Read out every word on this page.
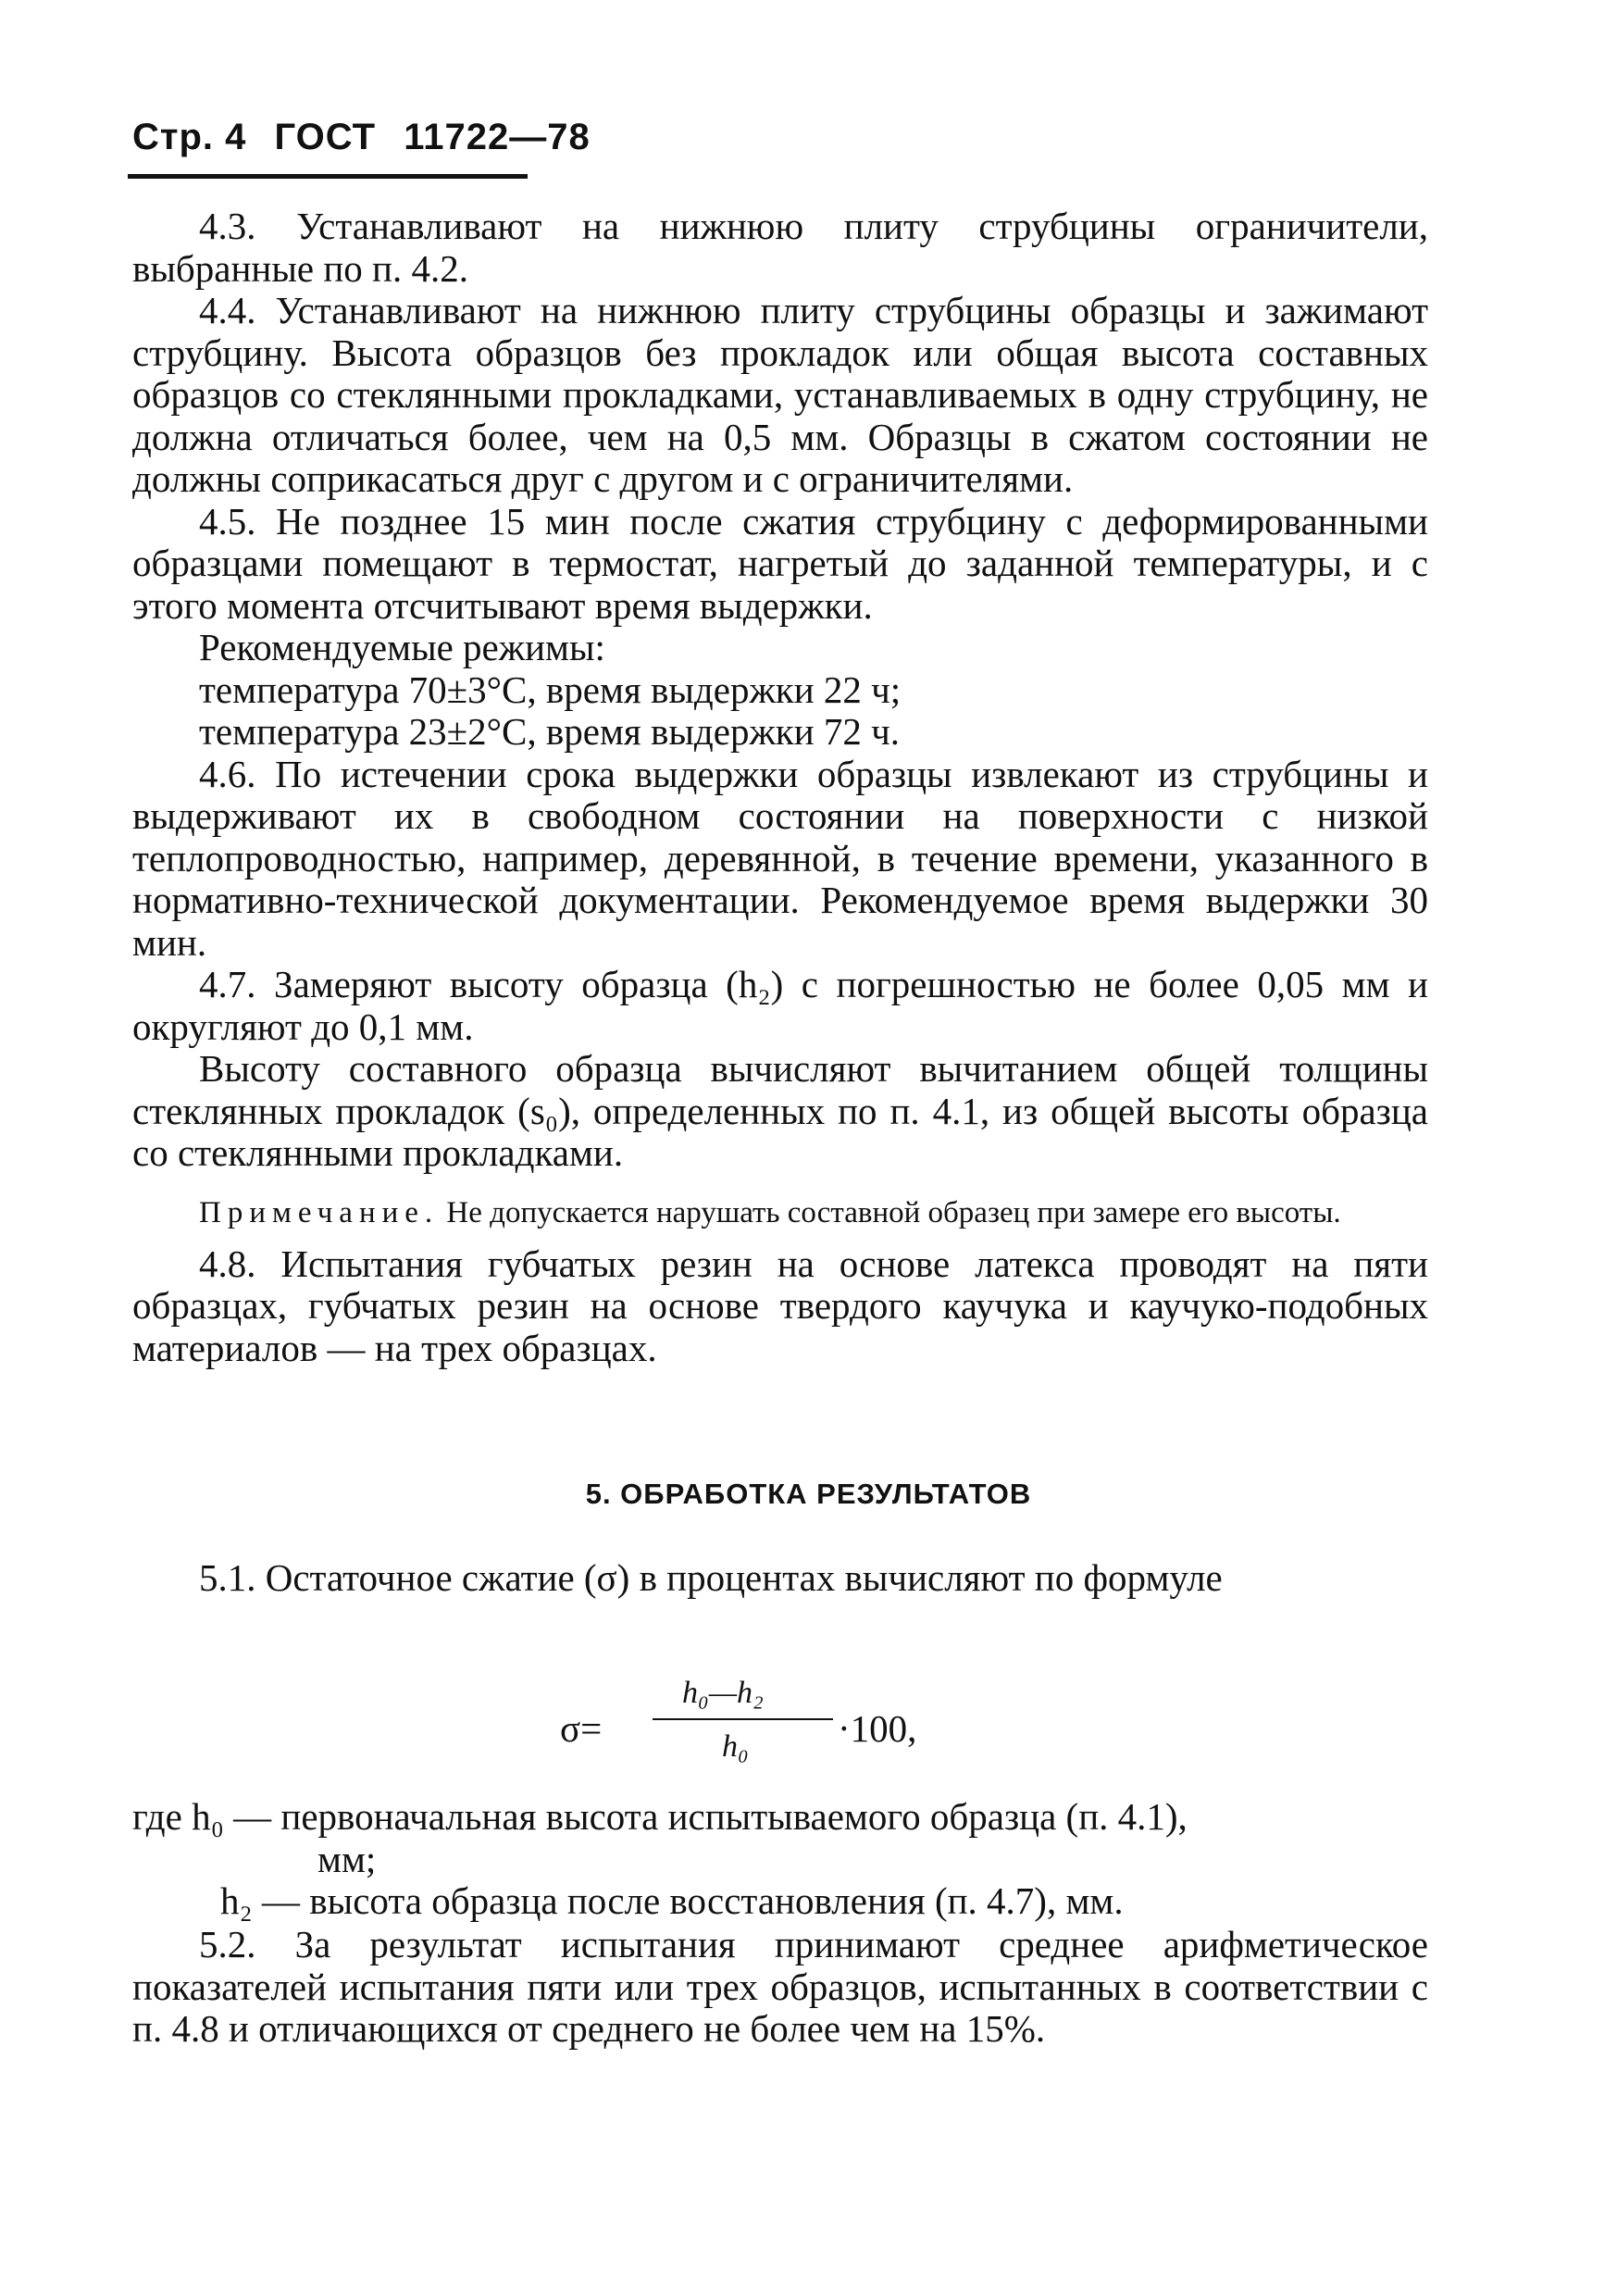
Стр. 4 ГОСТ 11722—78

4.3. Устанавливают на нижнюю плиту струбцины ограничители, выбранные по п. 4.2.

4.4. Устанавливают на нижнюю плиту струбцины образцы и зажимают струбцину. Высота образцов без прокладок или общая высота составных образцов со стеклянными прокладками, устанавливаемых в одну струбцину, не должна отличаться более, чем на 0,5 мм. Образцы в сжатом состоянии не должны соприкасаться друг с другом и с ограничителями.

4.5. Не позднее 15 мин после сжатия струбцину с деформированными образцами помещают в термостат, нагретый до заданной температуры, и с этого момента отсчитывают время выдержки.

Рекомендуемые режимы:

температура 70±3°С, время выдержки 22 ч;

температура 23±2°С, время выдержки 72 ч.

4.6. По истечении срока выдержки образцы извлекают из струбцины и выдерживают их в свободном состоянии на поверхности с низкой теплопроводностью, например, деревянной, в течение времени, указанного в нормативно-технической документации. Рекомендуемое время выдержки 30 мин.

4.7. Замеряют высоту образца (h₂) с погрешностью не более 0,05 мм и округляют до 0,1 мм.

Высоту составного образца вычисляют вычитанием общей толщины стеклянных прокладок (s₀), определенных по п. 4.1, из общей высоты образца со стеклянными прокладками.

Примечание. Не допускается нарушать составной образец при замере его высоты.

4.8. Испытания губчатых резин на основе латекса проводят на пяти образцах, губчатых резин на основе твердого каучука и каучуко-подобных материалов — на трех образцах.

5. ОБРАБОТКА РЕЗУЛЬТАТОВ

5.1. Остаточное сжатие (σ) в процентах вычисляют по формуле

σ=
h₀—h₂
h₀ ·100,

где h₀ — первоначальная высота испытываемого образца (п. 4.1),

мм;

h₂ — высота образца после восстановления (п. 4.7), мм.

5.2. За результат испытания принимают среднее арифметическое показателей испытания пяти или трех образцов, испытанных в соответствии с п. 4.8 и отличающихся от среднего не более чем на 15%.
